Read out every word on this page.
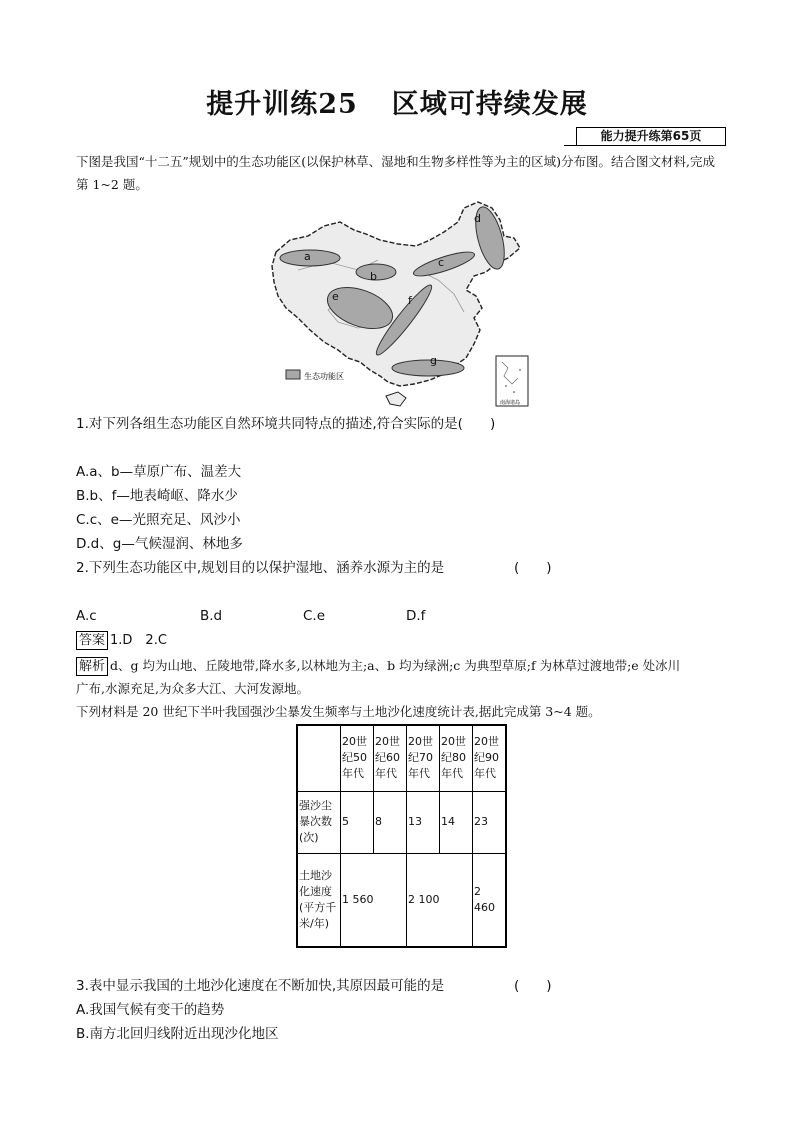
提升训练25 区域可持续发展
能力提升练第65页
下图是我国“十二五”规划中的生态功能区(以保护林草、湿地和生物多样性等为主的区域)分布图。结合图文材料,完成第 1~2 题。
a
b
c
d
e	f
g
生态功能区
南海诸岛
1.对下列各组生态功能区自然环境共同特点的描述,符合实际的是(　　)
A.a、b—草原广布、温差大
B.b、f—地表崎岖、降水少
C.c、e—光照充足、风沙小
D.d、g—气候湿润、林地多
2.下列生态功能区中,规划目的以保护湿地、涵养水源为主的是	(　　)
A.c	B.d	C.e	D.f
答案 1.D　2.C
解析 d、g 均为山地、丘陵地带,降水多,以林地为主;a、b 均为绿洲;c 为典型草原;f 为林草过渡地带;e 处冰川
广布,水源充足,为众多大江、大河发源地。
下列材料是 20 世纪下半叶我国强沙尘暴发生频率与土地沙化速度统计表,据此完成第 3~4 题。
	20世纪50年代	20世纪60年代	20世纪70年代	20世纪80年代	20世纪90年代
强沙尘暴次数(次)	5	8	13	14	23
土地沙化速度(平方千米/年)	1 560		2 100		2 460
3.表中显示我国的土地沙化速度在不断加快,其原因最可能的是	(　　)
A.我国气候有变干的趋势
B.南方北回归线附近出现沙化地区
